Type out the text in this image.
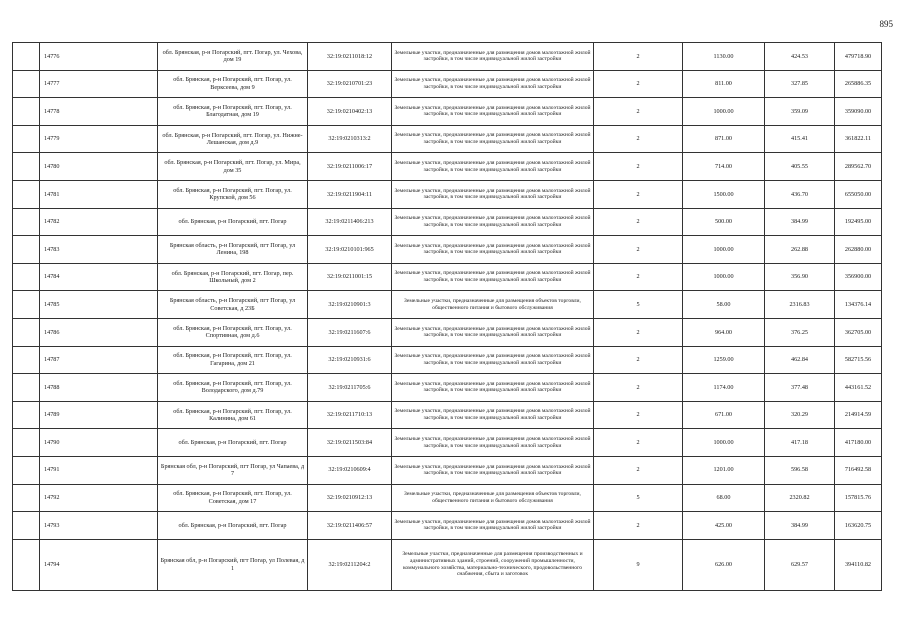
895
	14776	обл. Брянская, р-н Погарский, пгт. Погар, ул. Чехова, дом 19	32:19:0211018:12	Земельные участки, предназначенные для размещения домов малоэтажной жилой застройки, в том числе индивидуальной жилой застройки	2	1130.00	424.53	479718.90
	14777	обл. Брянская, р-н Погарский, пгт. Погар, ул. Верксеева, дом 9	32:19:0210701:23	Земельные участки, предназначенные для размещения домов малоэтажной жилой застройки, в том числе индивидуальной жилой застройки	2	811.00	327.85	265886.35
	14778	обл. Брянская, р-н Погарский, пгт. Погар, ул. Благодатная, дом 19	32:19:0210402:13	Земельные участки, предназначенные для размещения домов малоэтажной жилой застройки, в том числе индивидуальной жилой застройки	2	1000.00	359.09	359090.00
	14779	обл. Брянская, р-н Погарский, пгт. Погар, ул. Нижне-Лешанская, дом д.9	32:19:0210313:2	Земельные участки, предназначенные для размещения домов малоэтажной жилой застройки, в том числе индивидуальной жилой застройки	2	871.00	415.41	361822.11
	14780	обл. Брянская, р-н Погарский, пгт. Погар, ул. Мира, дом 35	32:19:0211006:17	Земельные участки, предназначенные для размещения домов малоэтажной жилой застройки, в том числе индивидуальной жилой застройки	2	714.00	405.55	289562.70
	14781	обл. Брянская, р-н Погарский, пгт. Погар, ул. Крупской, дом 56	32:19:0211904:11	Земельные участки, предназначенные для размещения домов малоэтажной жилой застройки, в том числе индивидуальной жилой застройки	2	1500.00	436.70	655050.00
	14782	обл. Брянская, р-н Погарский, пгт. Погар	32:19:0211406:213	Земельные участки, предназначенные для размещения домов малоэтажной жилой застройки, в том числе индивидуальной жилой застройки	2	500.00	384.99	192495.00
	14783	Брянская область, р-н Погарский, пгт Погар, ул Ленина, 198	32:19:0210101:965	Земельные участки, предназначенные для размещения домов малоэтажной жилой застройки, в том числе индивидуальной жилой застройки	2	1000.00	262.88	262880.00
	14784	обл. Брянская, р-н Погарский, пгт. Погар, пер. Школьный, дом 2	32:19:0211001:15	Земельные участки, предназначенные для размещения домов малоэтажной жилой застройки, в том числе индивидуальной жилой застройки	2	1000.00	356.90	356900.00
	14785	Брянская область, р-н Погарский, пгт Погар, ул Советская, д 23Б	32:19:0210901:3	Земельные участки, предназначенные для размещения объектов торговли, общественного питания и бытового обслуживания	5	58.00	2316.83	134376.14
	14786	обл. Брянская, р-н Погарский, пгт. Погар, ул. Спортивная, дом д.6	32:19:0211607:6	Земельные участки, предназначенные для размещения домов малоэтажной жилой застройки, в том числе индивидуальной жилой застройки	2	964.00	376.25	362705.00
	14787	обл. Брянская, р-н Погарский, пгт. Погар, ул. Гагарина, дом 21	32:19:0210931:6	Земельные участки, предназначенные для размещения домов малоэтажной жилой застройки, в том числе индивидуальной жилой застройки	2	1259.00	462.84	582715.56
	14788	обл. Брянская, р-н Погарский, пгт. Погар, ул. Володарского, дом д.79	32:19:0211705:6	Земельные участки, предназначенные для размещения домов малоэтажной жилой застройки, в том числе индивидуальной жилой застройки	2	1174.00	377.48	443161.52
	14789	обл. Брянская, р-н Погарский, пгт. Погар, ул. Калинина, дом 61	32:19:0211710:13	Земельные участки, предназначенные для размещения домов малоэтажной жилой застройки, в том числе индивидуальной жилой застройки	2	671.00	320.29	214914.59
	14790	обл. Брянская, р-н Погарский, пгт. Погар	32:19:0211503:84	Земельные участки, предназначенные для размещения домов малоэтажной жилой застройки, в том числе индивидуальной жилой застройки	2	1000.00	417.18	417180.00
	14791	Брянская обл, р-н Погарский, пгт Погар, ул Чапаева, д 7	32:19:0210609:4	Земельные участки, предназначенные для размещения домов малоэтажной жилой застройки, в том числе индивидуальной жилой застройки	2	1201.00	596.58	716492.58
	14792	обл. Брянская, р-н Погарский, пгт. Погар, ул. Советская, дом 17	32:19:0210912:13	Земельные участки, предназначенные для размещения объектов торговли, общественного питания и бытового обслуживания	5	68.00	2320.82	157815.76
	14793	обл. Брянская, р-н Погарский, пгт. Погар	32:19:0211406:57	Земельные участки, предназначенные для размещения домов малоэтажной жилой застройки, в том числе индивидуальной жилой застройки	2	425.00	384.99	163620.75
	14794	Брянская обл, р-н Погарский, пгт Погар, ул Полевая, д 1	32:19:0211204:2	Земельные участки, предназначенные для размещения производственных и административных зданий, строений, сооружений промышленности, коммунального хозяйства, материально-технического, продовольственного снабжения, сбыта и заготовок	9	626.00	629.57	394110.82
